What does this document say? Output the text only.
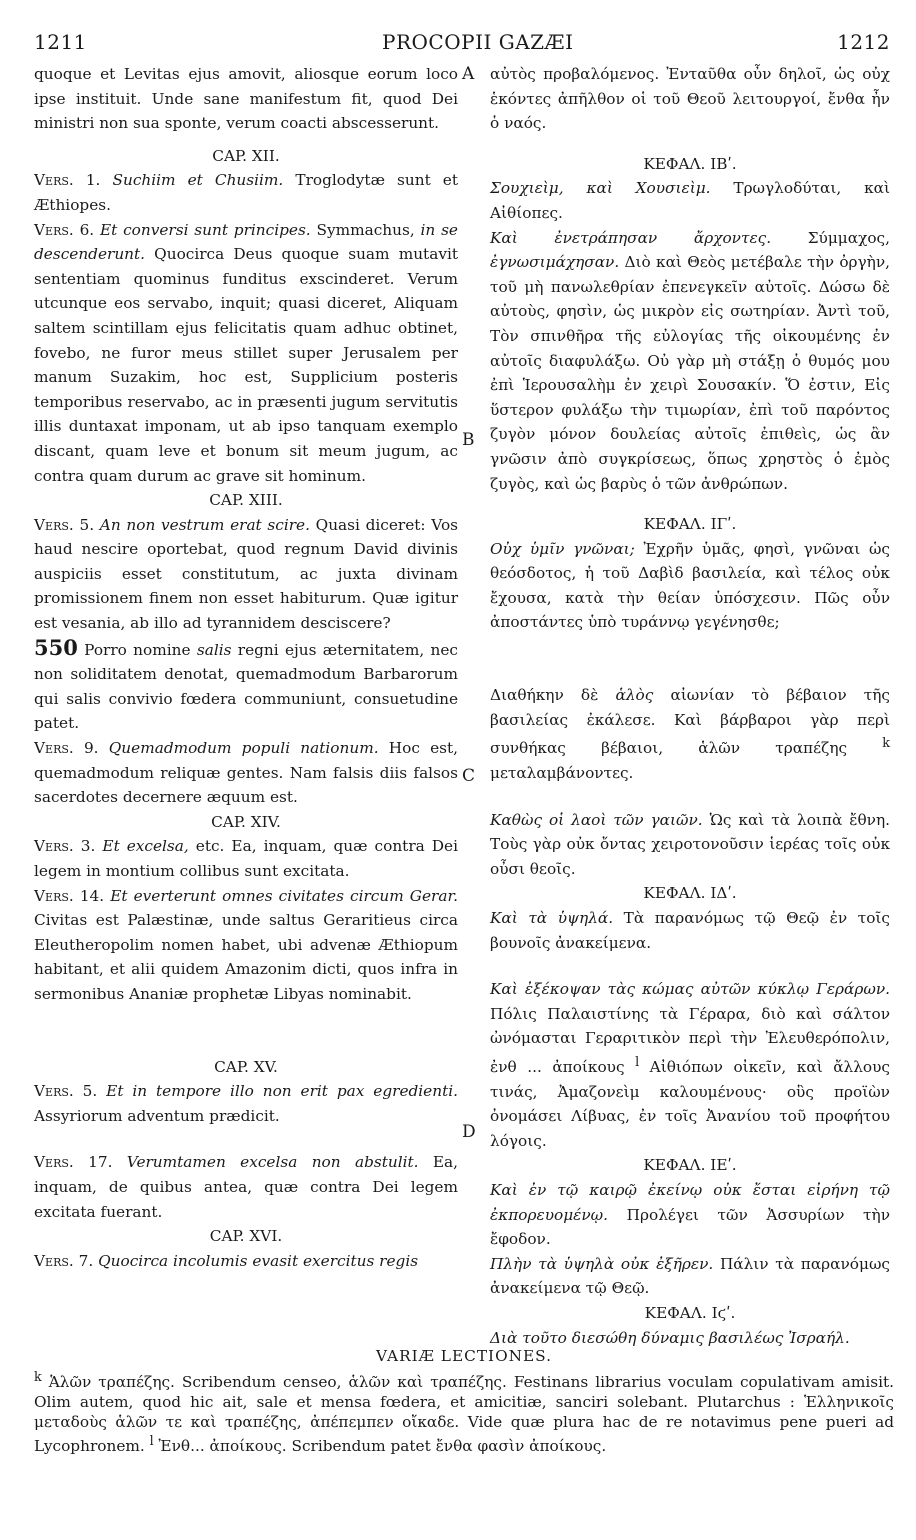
1211	PROCOPII GAZÆI	1212

quoque et Levitas ejus amovit, aliosque eorum loco ipse instituit. Unde sane manifestum fit, quod Dei ministri non sua sponte, verum coacti abscesserunt.

CAP. XII.

Vers. 1. Suchiim et Chusiim. Troglodytæ sunt et Æthiopes.

Vers. 6. Et conversi sunt principes. Symmachus, in se descenderunt. Quocirca Deus quoque suam mutavit sententiam quominus funditus exscinderet. Verum utcunque eos servabo, inquit; quasi diceret, Aliquam saltem scintillam ejus felicitatis quam adhuc obtinet, fovebo, ne furor meus stillet super Jerusalem per manum Suzakim, hoc est, Supplicium posteris temporibus reservabo, ac in præsenti jugum servitutis illis duntaxat imponam, ut ab ipso tanquam exemplo discant, quam leve et bonum sit meum jugum, ac contra quam durum ac grave sit hominum.

CAP. XIII.

Vers. 5. An non vestrum erat scire. Quasi diceret: Vos haud nescire oportebat, quod regnum David divinis auspiciis esset constitutum, ac juxta divinam promissionem finem non esset habiturum. Quæ igitur est vesania, ab illo ad tyrannidem desciscere?

550 Porro nomine salis regni ejus æternitatem, nec non soliditatem denotat, quemadmodum Barbarorum qui salis convivio fœdera communiunt, consuetudine patet.

Vers. 9. Quemadmodum populi nationum. Hoc est, quemadmodum reliquæ gentes. Nam falsis diis falsos sacerdotes decernere æquum est.

CAP. XIV.

Vers. 3. Et excelsa, etc. Ea, inquam, quæ contra Dei legem in montium collibus sunt excitata.

Vers. 14. Et everterunt omnes civitates circum Gerar. Civitas est Palæstinæ, unde saltus Geraritieus circa Eleutheropolim nomen habet, ubi advenæ Æthiopum habitant, et alii quidem Amazonim dicti, quos infra in sermonibus Ananiæ prophetæ Libyas nominabit.

CAP. XV.

Vers. 5. Et in tempore illo non erit pax egredienti. Assyriorum adventum prædicit.

Vers. 17. Verumtamen excelsa non abstulit. Ea, inquam, de quibus antea, quæ contra Dei legem excitata fuerant.

CAP. XVI.

Vers. 7. Quocirca incolumis evasit exercitus regis

αὐτὸς προβαλόμενος. Ἐνταῦθα οὖν δηλοῖ, ὡς οὐχ ἑκόντες ἀπῆλθον οἱ τοῦ Θεοῦ λειτουργοί, ἔνθα ἦν ὁ ναός.

ΚΕΦΑΛ. ΙΒʹ.

Σουχιεὶμ, καὶ Χουσιεὶμ. Τρωγλοδύται, καὶ Αἰθίοπες.

Καὶ ἐνετράπησαν ἄρχοντες. Σύμμαχος, ἐγνωσιμάχησαν. Διὸ καὶ Θεὸς μετέβαλε τὴν ὀργὴν, τοῦ μὴ πανωλεθρίαν ἐπενεγκεῖν αὐτοῖς. Δώσω δὲ αὐτοὺς, φησὶν, ὡς μικρὸν εἰς σωτηρίαν. Ἀντὶ τοῦ, Τὸν σπινθῆρα τῆς εὐλογίας τῆς οἰκουμένης ἐν αὐτοῖς διαφυλάξω. Οὐ γὰρ μὴ στάξῃ ὁ θυμός μου ἐπὶ Ἱερουσαλὴμ ἐν χειρὶ Σουσακίν. Ὅ ἐστιν, Εἰς ὕστερον φυλάξω τὴν τιμωρίαν, ἐπὶ τοῦ παρόντος ζυγὸν μόνον δουλείας αὐτοῖς ἐπιθεὶς, ὡς ἂν γνῶσιν ἀπὸ συγκρίσεως, ὅπως χρηστὸς ὁ ἐμὸς ζυγὸς, καὶ ὡς βαρὺς ὁ τῶν ἀνθρώπων.

ΚΕΦΑΛ. ΙΓʹ.

Οὐχ ὑμῖν γνῶναι; Ἐχρῆν ὑμᾶς, φησὶ, γνῶναι ὡς θεόσδοτος, ἡ τοῦ Δαβὶδ βασιλεία, καὶ τέλος οὐκ ἔχουσα, κατὰ τὴν θείαν ὑπόσχεσιν. Πῶς οὖν ἀποστάντες ὑπὸ τυράννῳ γεγένησθε;

Διαθήκην δὲ ἁλὸς αἰωνίαν τὸ βέβαιον τῆς βασιλείας ἐκάλεσε. Καὶ βάρβαροι γὰρ περὶ συνθήκας βέβαιοι, ἁλῶν τραπέζης $^k$ μεταλαμβάνοντες.

Καθὼς οἱ λαοὶ τῶν γαιῶν. Ὡς καὶ τὰ λοιπὰ ἔθνη. Τοὺς γὰρ οὐκ ὄντας χειροτονοῦσιν ἱερέας τοῖς οὐκ οὖσι θεοῖς.

ΚΕΦΑΛ. ΙΔʹ.

Καὶ τὰ ὑψηλά. Τὰ παρανόμως τῷ Θεῷ ἐν τοῖς βουνοῖς ἀνακείμενα.

Καὶ ἐξέκοψαν τὰς κώμας αὐτῶν κύκλῳ Γεράρων. Πόλις Παλαιστίνης τὰ Γέραρα, διὸ καὶ σάλτον ὠνόμασται Γεραριτικὸν περὶ τὴν Ἐλευθερόπολιν, ἐνθ ... ἀποίκους $^l$ Αἰθιόπων οἰκεῖν, καὶ ἄλλους τινάς, Ἀμαζονεὶμ καλουμένους· οὓς προϊὼν ὀνομάσει Λίβυας, ἐν τοῖς Ἀνανίου τοῦ προφήτου λόγοις.

ΚΕΦΑΛ. ΙΕʹ.

Καὶ ἐν τῷ καιρῷ ἐκείνῳ οὐκ ἔσται εἰρήνη τῷ ἐκπορευομένῳ. Προλέγει τῶν Ἀσσυρίων τὴν ἔφοδον.

Πλὴν τὰ ὑψηλὰ οὐκ ἐξῆρεν. Πάλιν τὰ παρανόμως ἀνακείμενα τῷ Θεῷ.

ΚΕΦΑΛ. Ιϛʹ.

Διὰ τοῦτο διεσώθη δύναμις βασιλέως Ἰσραήλ.

A
B
C
D
VARIÆ LECTIONES.

$^k$ Ἁλῶν τραπέζης. Scribendum censeo, ἁλῶν καὶ τραπέζης. Festinans librarius voculam copulativam amisit. Olim autem, quod hic ait, sale et mensa fœdera, et amicitiæ, sanciri solebant. Plutarchus : Ἑλληνικοῖς μεταδοὺς ἁλῶν τε καὶ τραπέζης, ἀπέπεμπεν οἴκαδε. Vide quæ plura hac de re notavimus pene pueri ad Lycophronem. $^l$ Ἐνθ... ἀποίκους. Scribendum patet ἔνθα φασὶν ἀποίκους.
